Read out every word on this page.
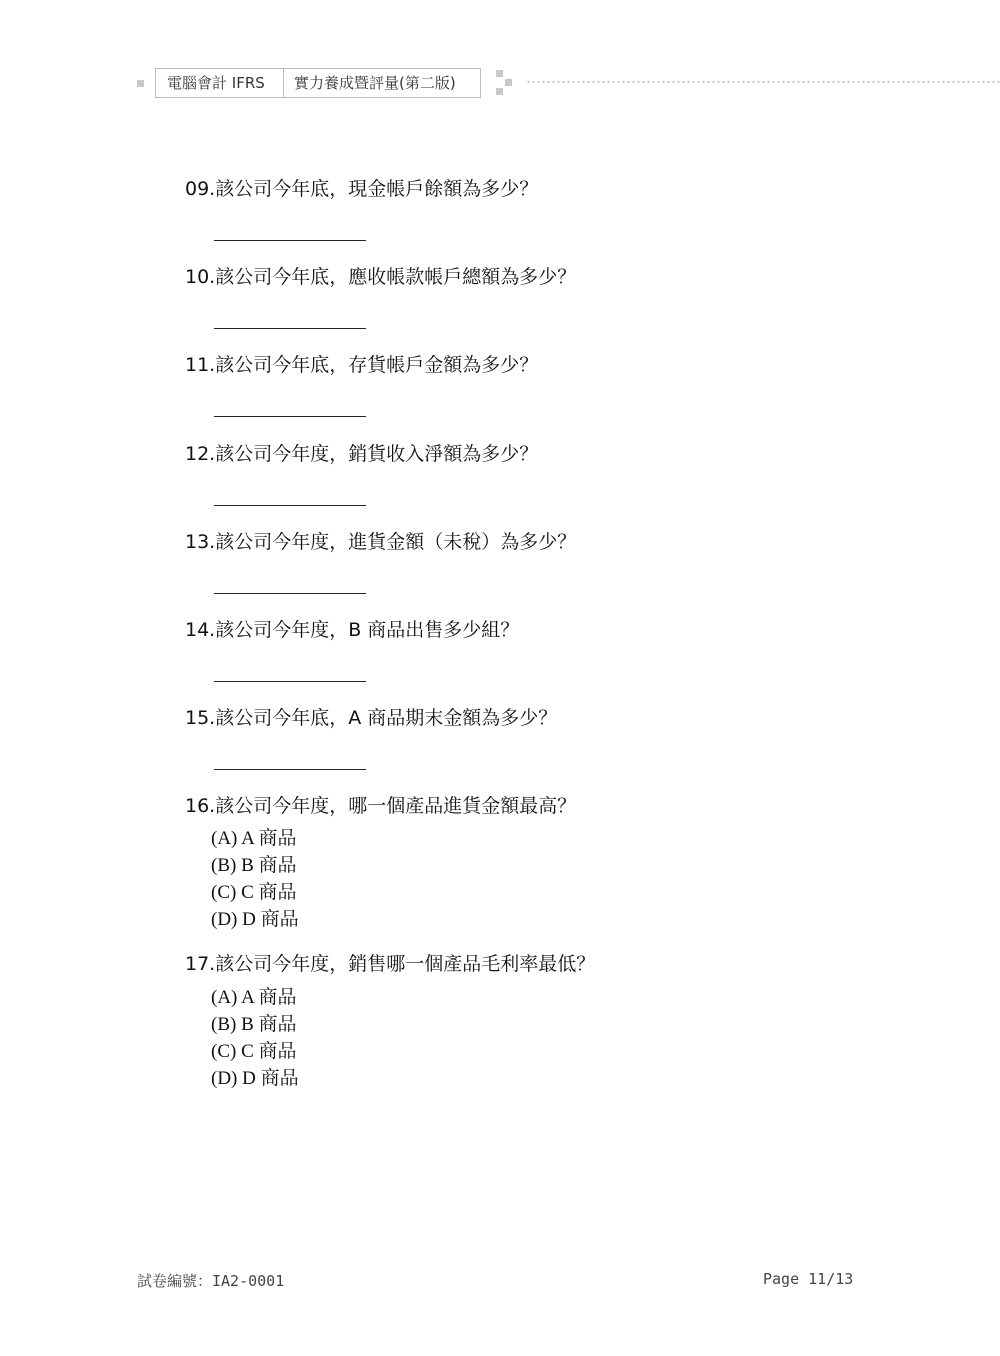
電腦會計 IFRS 實力養成暨評量(第二版)
09.該公司今年底，現金帳戶餘額為多少？
10.該公司今年底，應收帳款帳戶總額為多少？
11.該公司今年底，存貨帳戶金額為多少？
12.該公司今年度，銷貨收入淨額為多少？
13.該公司今年度，進貨金額（未稅）為多少？
14.該公司今年度，B 商品出售多少組？
15.該公司今年底，A 商品期末金額為多少？
16.該公司今年度，哪一個產品進貨金額最高？
(A) A 商品
(B) B 商品
(C) C 商品
(D) D 商品
17.該公司今年度，銷售哪一個產品毛利率最低？
(A) A 商品
(B) B 商品
(C) C 商品
(D) D 商品
試卷編號：IA2-0001	Page 11/13
